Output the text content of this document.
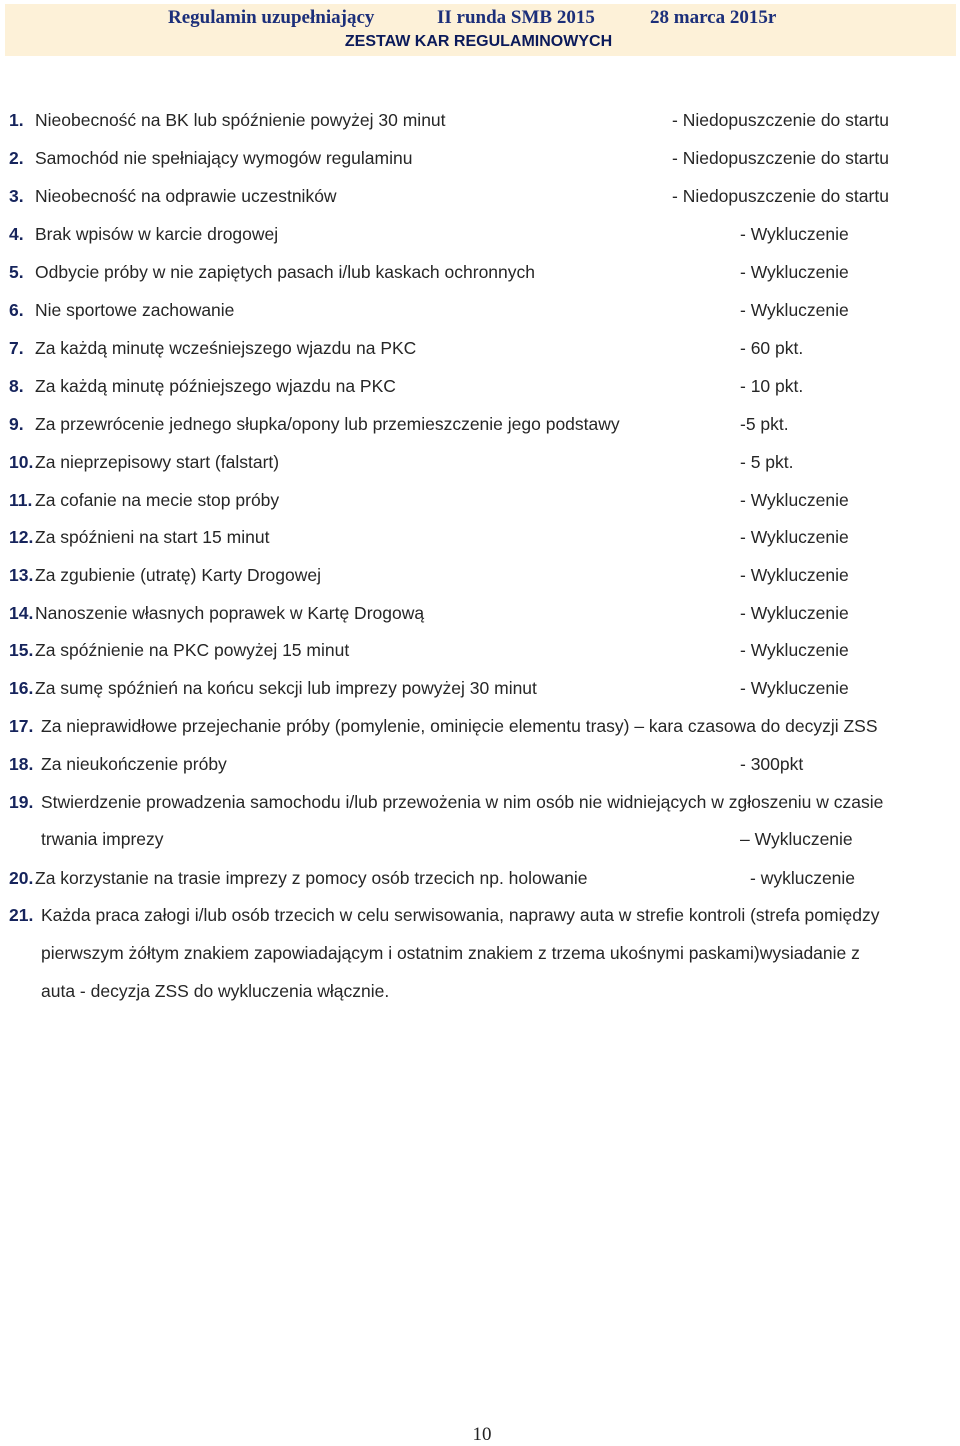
Regulamin uzupełniający

	II runda SMB 2015

	28 marca 2015r

ZESTAW KAR REGULAMINOWYCH
1. Nieobecność na BK lub spóźnienie powyżej 30 minut	- Niedopuszczenie do startu
2. Samochód nie spełniający wymogów regulaminu	- Niedopuszczenie do startu
3. Nieobecność na odprawie uczestników	- Niedopuszczenie do startu
4. Brak wpisów w karcie drogowej	- Wykluczenie
5. Odbycie próby w nie zapiętych pasach i/lub kaskach ochronnych	- Wykluczenie
6. Nie sportowe zachowanie	- Wykluczenie
7. Za każdą minutę wcześniejszego wjazdu na PKC	- 60 pkt.
8. Za każdą minutę późniejszego wjazdu na PKC	- 10 pkt.
9. Za przewrócenie jednego słupka/opony lub przemieszczenie jego podstawy	-5 pkt.
10. Za nieprzepisowy start (falstart)	- 5 pkt.
11. Za cofanie na mecie stop próby	- Wykluczenie
12. Za spóźnieni na start 15 minut	- Wykluczenie
13. Za zgubienie (utratę) Karty Drogowej	- Wykluczenie
14. Nanoszenie własnych poprawek w Kartę Drogową	- Wykluczenie
15. Za spóźnienie na PKC powyżej 15 minut	- Wykluczenie
16. Za sumę spóźnień na końcu sekcji lub imprezy powyżej 30 minut	- Wykluczenie
17. Za nieprawidłowe przejechanie próby (pomylenie, ominięcie elementu trasy) – kara czasowa do decyzji ZSS
18. Za nieukończenie próby	- 300pkt
19. Stwierdzenie prowadzenia samochodu i/lub przewożenia w nim osób nie widniejących w zgłoszeniu w czasie
trwania imprezy	– Wykluczenie
20. Za korzystanie na trasie imprezy z pomocy osób trzecich np. holowanie	- wykluczenie
21. Każda praca załogi i/lub osób trzecich w celu serwisowania, naprawy auta w strefie kontroli (strefa pomiędzy
pierwszym żółtym znakiem zapowiadającym i ostatnim znakiem z trzema ukośnymi paskami)wysiadanie z
auta - decyzja ZSS do wykluczenia włącznie.
10
